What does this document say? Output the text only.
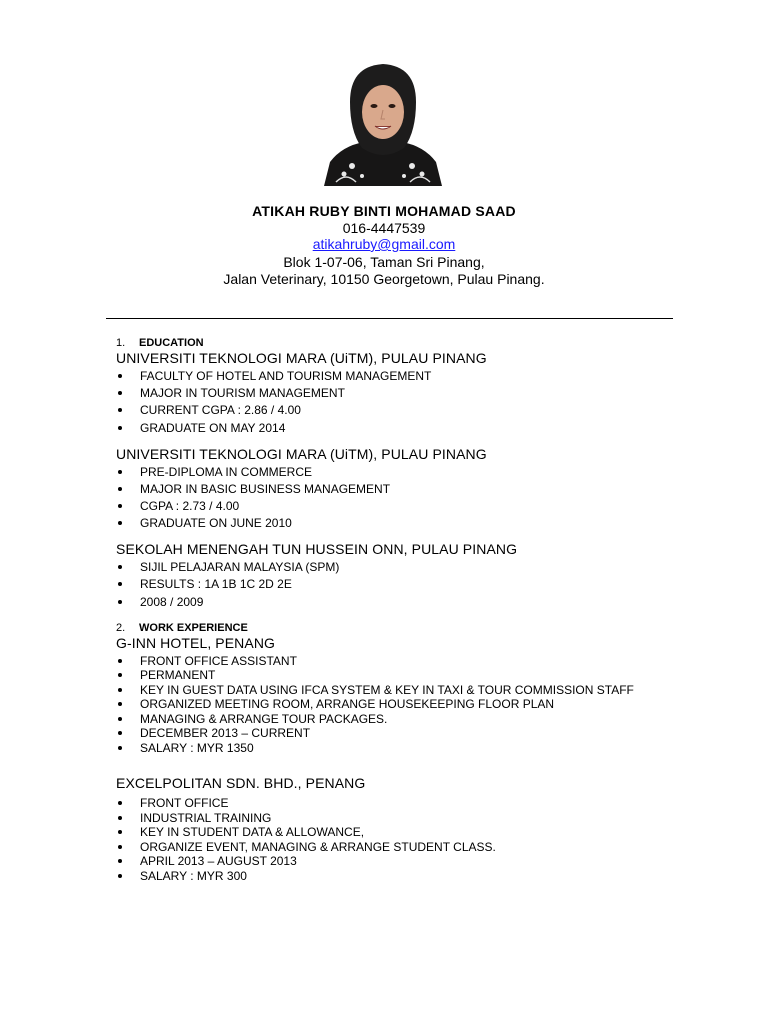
ATIKAH RUBY BINTI MOHAMAD SAAD
016-4447539
atikahruby@gmail.com
Blok 1-07-06, Taman Sri Pinang,
Jalan Veterinary, 10150 Georgetown, Pulau Pinang.
1. EDUCATION
UNIVERSITI TEKNOLOGI MARA (UiTM), PULAU PINANG
FACULTY OF HOTEL AND TOURISM MANAGEMENT
MAJOR IN TOURISM MANAGEMENT
CURRENT CGPA : 2.86 / 4.00
GRADUATE ON MAY 2014
UNIVERSITI TEKNOLOGI MARA (UiTM), PULAU PINANG
PRE-DIPLOMA IN COMMERCE
MAJOR IN BASIC BUSINESS MANAGEMENT
CGPA : 2.73 / 4.00
GRADUATE ON JUNE 2010
SEKOLAH MENENGAH TUN HUSSEIN ONN, PULAU PINANG
SIJIL PELAJARAN MALAYSIA (SPM)
RESULTS : 1A 1B 1C 2D 2E
2008 / 2009
2. WORK EXPERIENCE
G-INN HOTEL, PENANG
FRONT OFFICE ASSISTANT
PERMANENT
KEY IN GUEST DATA USING IFCA SYSTEM & KEY IN TAXI & TOUR COMMISSION STAFF
ORGANIZED MEETING ROOM, ARRANGE HOUSEKEEPING FLOOR PLAN
MANAGING & ARRANGE TOUR PACKAGES.
DECEMBER 2013 – CURRENT
SALARY : MYR 1350
EXCELPOLITAN SDN. BHD., PENANG
FRONT OFFICE
INDUSTRIAL TRAINING
KEY IN STUDENT DATA & ALLOWANCE,
ORGANIZE EVENT, MANAGING & ARRANGE STUDENT CLASS.
APRIL 2013 – AUGUST 2013
SALARY : MYR 300
